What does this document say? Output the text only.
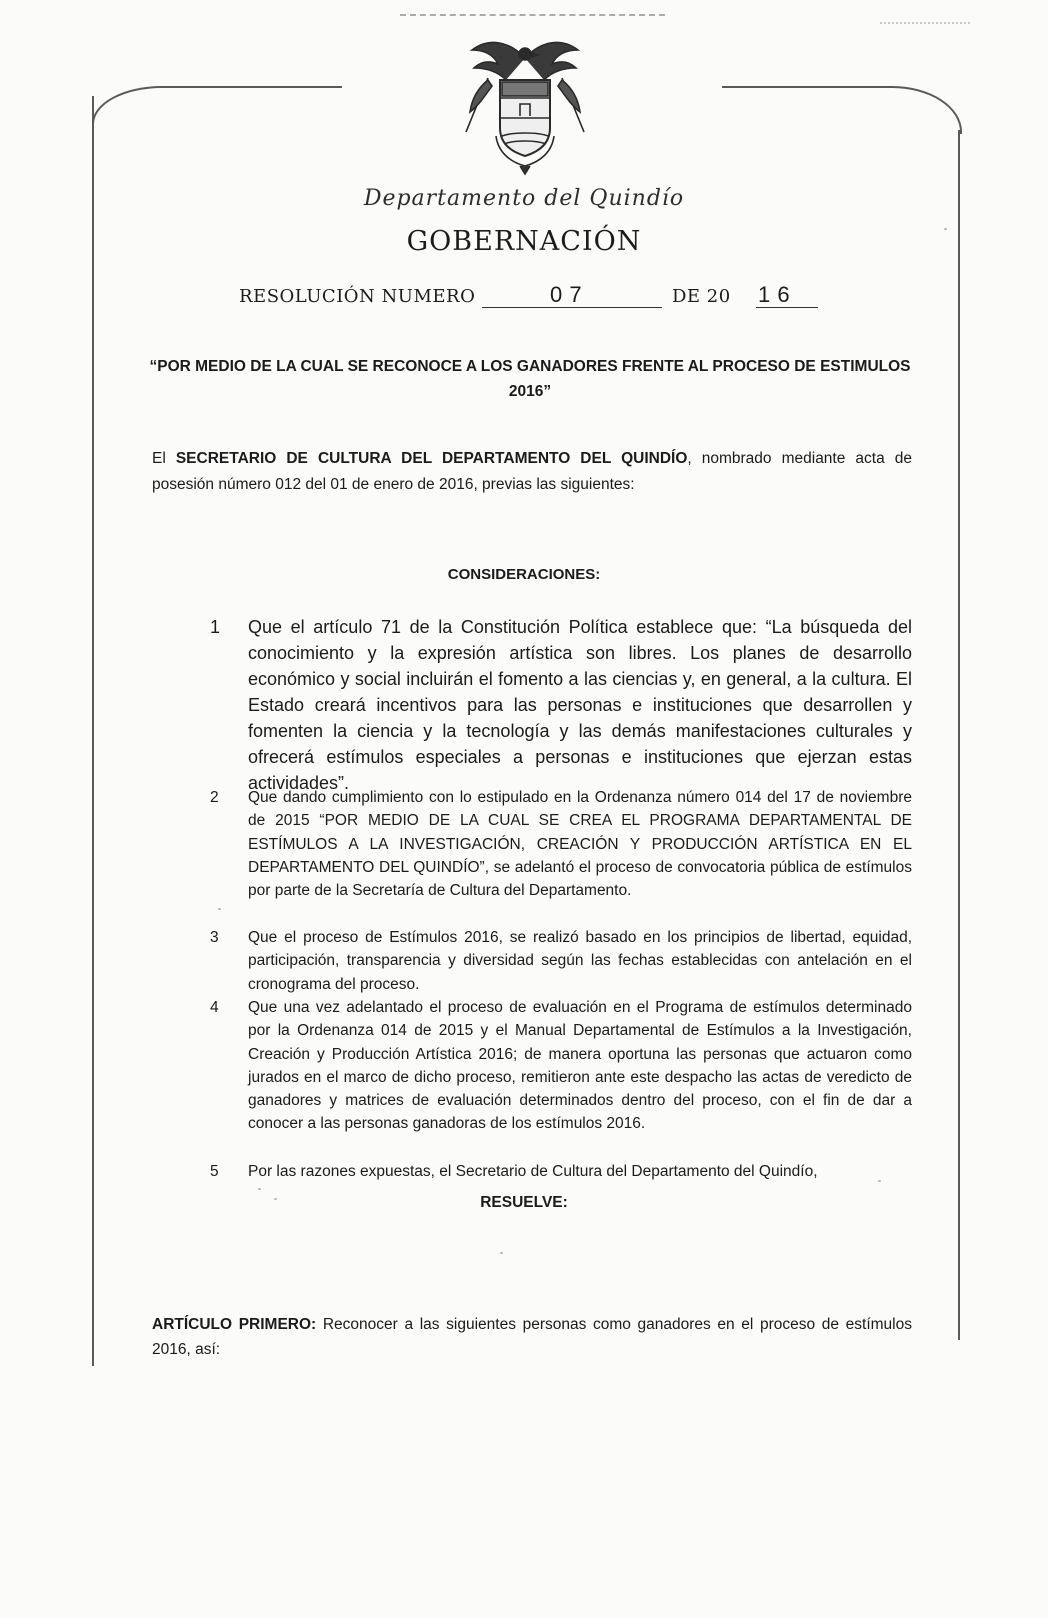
Departamento del Quindío
GOBERNACIÓN
RESOLUCIÓN NUMERO	0 7	DE 20 1 6
“POR MEDIO DE LA CUAL SE RECONOCE A LOS GANADORES FRENTE AL PROCESO DE ESTIMULOS 2016”
El SECRETARIO DE CULTURA DEL DEPARTAMENTO DEL QUINDÍO, nombrado mediante acta de posesión número 012 del 01 de enero de 2016, previas las siguientes:
CONSIDERACIONES:
1	Que el artículo 71 de la Constitución Política establece que: “La búsqueda del conocimiento y la expresión artística son libres. Los planes de desarrollo económico y social incluirán el fomento a las ciencias y, en general, a la cultura. El Estado creará incentivos para las personas e instituciones que desarrollen y fomenten la ciencia y la tecnología y las demás manifestaciones culturales y ofrecerá estímulos especiales a personas e instituciones que ejerzan estas actividades”.
2	Que dando cumplimiento con lo estipulado en la Ordenanza número 014 del 17 de noviembre de 2015 “POR MEDIO DE LA CUAL SE CREA EL PROGRAMA DEPARTAMENTAL DE ESTÍMULOS A LA INVESTIGACIÓN, CREACIÓN Y PRODUCCIÓN ARTÍSTICA EN EL DEPARTAMENTO DEL QUINDÍO”, se adelantó el proceso de convocatoria pública de estímulos por parte de la Secretaría de Cultura del Departamento.
3	Que el proceso de Estímulos 2016, se realizó basado en los principios de libertad, equidad, participación, transparencia y diversidad según las fechas establecidas con antelación en el cronograma del proceso.
4	Que una vez adelantado el proceso de evaluación en el Programa de estímulos determinado por la Ordenanza 014 de 2015 y el Manual Departamental de Estímulos a la Investigación, Creación y Producción Artística 2016; de manera oportuna las personas que actuaron como jurados en el marco de dicho proceso, remitieron ante este despacho las actas de veredicto de ganadores y matrices de evaluación determinados dentro del proceso, con el fin de dar a conocer a las personas ganadoras de los estímulos 2016.
5	Por las razones expuestas, el Secretario de Cultura del Departamento del Quindío,
RESUELVE:
ARTÍCULO PRIMERO: Reconocer a las siguientes personas como ganadores en el proceso de estímulos 2016, así:
